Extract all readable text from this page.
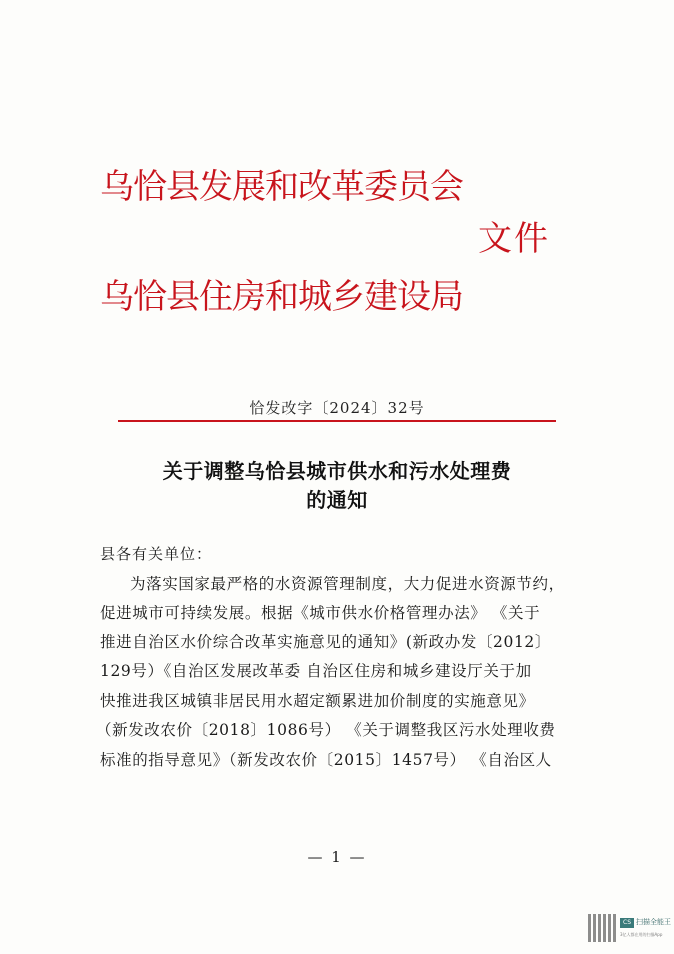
乌恰县发展和改革委员会
文件
乌恰县住房和城乡建设局
恰发改字〔2024〕32号
关于调整乌恰县城市供水和污水处理费
的通知
县各有关单位：
为落实国家最严格的水资源管理制度，大力促进水资源节约，
促进城市可持续发展。根据《城市供水价格管理办法》 《关于
推进自治区水价综合改革实施意见的通知》(新政办发〔2012〕
129号）《自治区发展改革委 自治区住房和城乡建设厅关于加
快推进我区城镇非居民用水超定额累进加价制度的实施意见》
（新发改农价〔2018〕1086号） 《关于调整我区污水处理收费
标准的指导意见》（新发改农价〔2015〕1457号） 《自治区人
— 1 —
CS 扫描全能王
3亿人都在用的扫描App
